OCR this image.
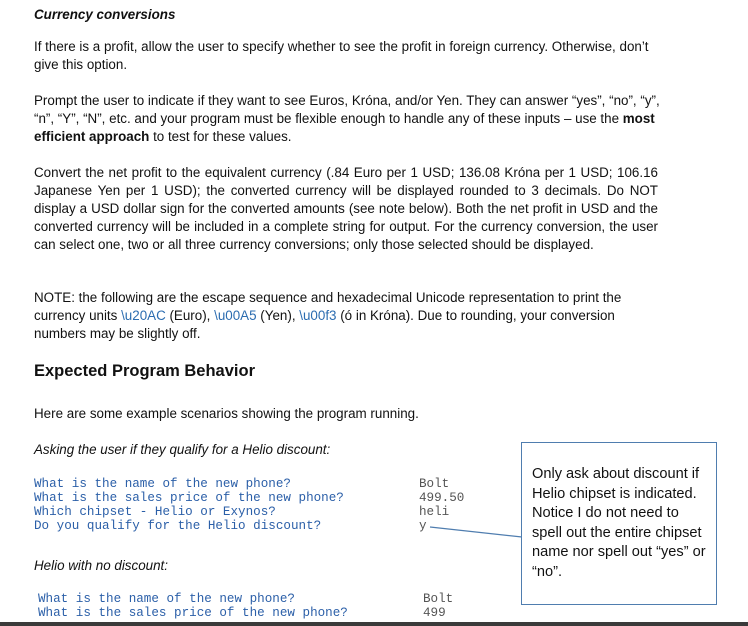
Currency conversions
If there is a profit, allow the user to specify whether to see the profit in foreign currency. Otherwise, don’t give this option.
Prompt the user to indicate if they want to see Euros, Króna, and/or Yen. They can answer “yes”, “no”, “y”, “n”, “Y”, “N”, etc. and your program must be flexible enough to handle any of these inputs – use the most efficient approach to test for these values.
Convert the net profit to the equivalent currency (.84 Euro per 1 USD; 136.08 Króna per 1 USD; 106.16 Japanese Yen per 1 USD); the converted currency will be displayed rounded to 3 decimals. Do NOT display a USD dollar sign for the converted amounts (see note below). Both the net profit in USD and the converted currency will be included in a complete string for output. For the currency conversion, the user can select one, two or all three currency conversions; only those selected should be displayed.
NOTE: the following are the escape sequence and hexadecimal Unicode representation to print the currency units \u20AC (Euro), \u00A5 (Yen), \u00f3 (ó in Króna). Due to rounding, your conversion numbers may be slightly off.
Expected Program Behavior
Here are some example scenarios showing the program running.
Asking the user if they qualify for a Helio discount:
What is the name of the new phone?
What is the sales price of the new phone?
Which chipset - Helio or Exynos?
Do you qualify for the Helio discount?
Bolt
499.50
heli
y
Only ask about discount if Helio chipset is indicated. Notice I do not need to spell out the entire chipset name nor spell out “yes” or “no”.
Helio with no discount:
What is the name of the new phone?
What is the sales price of the new phone?
Bolt
499
